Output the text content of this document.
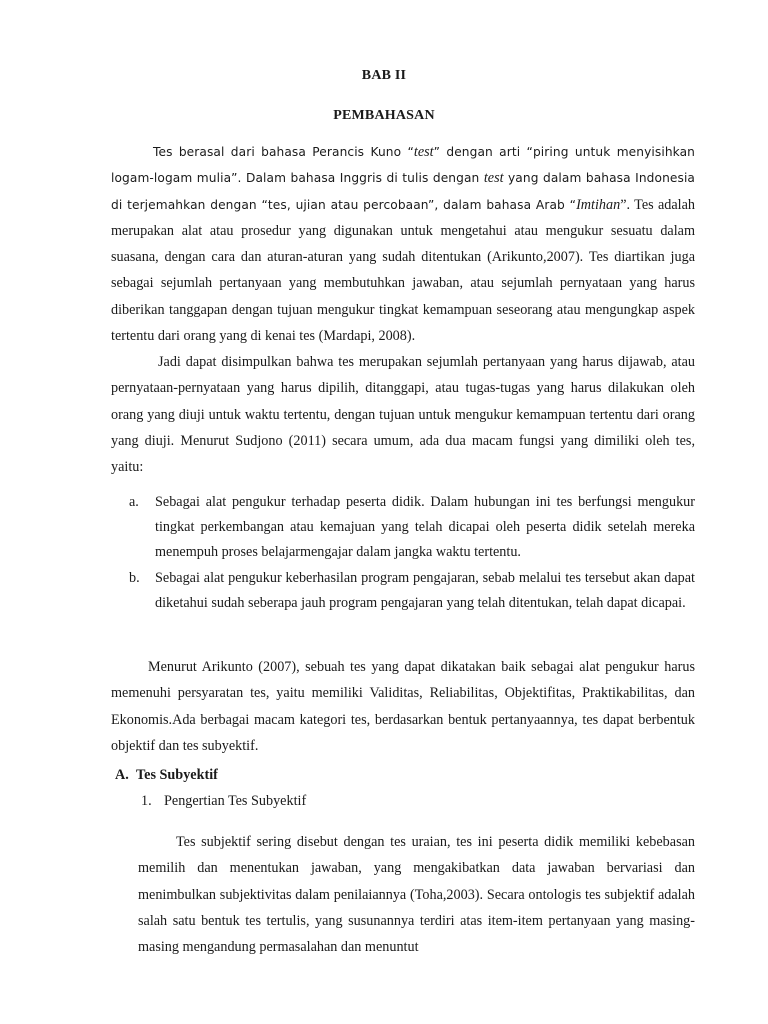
BAB II
PEMBAHASAN

Tes berasal dari bahasa Perancis Kuno “test” dengan arti “piring untuk menyisihkan logam-logam mulia”. Dalam bahasa Inggris di tulis dengan test yang dalam bahasa Indonesia di terjemahkan dengan “tes, ujian atau percobaan”, dalam bahasa Arab “Imtihan”. Tes adalah merupakan alat atau prosedur yang digunakan untuk mengetahui atau mengukur sesuatu dalam suasana, dengan cara dan aturan-aturan yang sudah ditentukan (Arikunto,2007). Tes diartikan juga sebagai sejumlah pertanyaan yang membutuhkan jawaban, atau sejumlah pernyataan yang harus diberikan tanggapan dengan tujuan mengukur tingkat kemampuan seseorang atau mengungkap aspek tertentu dari orang yang di kenai tes (Mardapi, 2008).

Jadi dapat disimpulkan bahwa tes merupakan sejumlah pertanyaan yang harus dijawab, atau pernyataan-pernyataan yang harus dipilih, ditanggapi, atau tugas-tugas yang harus dilakukan oleh orang yang diuji untuk waktu tertentu, dengan tujuan untuk mengukur kemampuan tertentu dari orang yang diuji. Menurut Sudjono (2011) secara umum, ada dua macam fungsi yang dimiliki oleh tes, yaitu:

a. Sebagai alat pengukur terhadap peserta didik. Dalam hubungan ini tes berfungsi mengukur tingkat perkembangan atau kemajuan yang telah dicapai oleh peserta didik setelah mereka menempuh proses belajarmengajar dalam jangka waktu tertentu.
b. Sebagai alat pengukur keberhasilan program pengajaran, sebab melalui tes tersebut akan dapat diketahui sudah seberapa jauh program pengajaran yang telah ditentukan, telah dapat dicapai.

Menurut Arikunto (2007), sebuah tes yang dapat dikatakan baik sebagai alat pengukur harus memenuhi persyaratan tes, yaitu memiliki Validitas, Reliabilitas, Objektifitas, Praktikabilitas, dan Ekonomis.Ada berbagai macam kategori tes, berdasarkan bentuk pertanyaannya, tes dapat berbentuk objektif dan tes subyektif.

A. Tes Subyektif
1. Pengertian Tes Subyektif

Tes subjektif sering disebut dengan tes uraian, tes ini peserta didik memiliki kebebasan memilih dan menentukan jawaban, yang mengakibatkan data jawaban bervariasi dan menimbulkan subjektivitas dalam penilaiannya (Toha,2003). Secara ontologis tes subjektif adalah salah satu bentuk tes tertulis, yang susunannya terdiri atas item-item pertanyaan yang masing-masing mengandung permasalahan dan menuntut
